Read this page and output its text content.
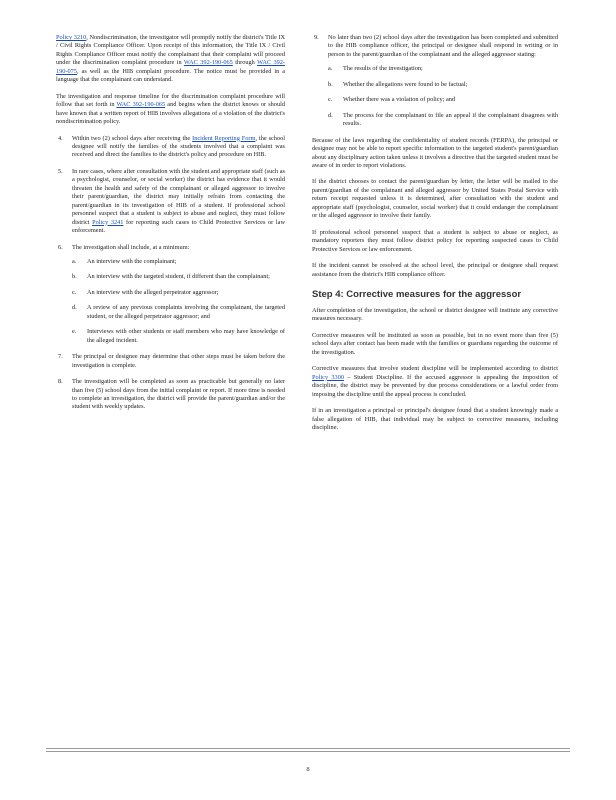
Policy 3210, Nondiscrimination, the investigator will promptly notify the district's Title IX / Civil Rights Compliance Officer. Upon receipt of this information, the Title IX / Civil Rights Compliance Officer must notify the complainant that their complaint will proceed under the discrimination complaint procedure in WAC 392-190-065 through WAC 392-190-075, as well as the HIB complaint procedure. The notice must be provided in a language that the complainant can understand.

The investigation and response timeline for the discrimination complaint procedure will follow that set forth in WAC 392-190-065 and begins when the district knows or should have known that a written report of HIB involves allegations of a violation of the district's nondiscrimination policy.

4. Within two (2) school days after receiving the Incident Reporting Form, the school designee will notify the families of the students involved that a complaint was received and direct the families to the district's policy and procedure on HIB.
5. In rare cases, where after consultation with the student and appropriate staff (such as a psychologist, counselor, or social worker) the district has evidence that it would threaten the health and safety of the complainant or alleged aggressor to involve their parent/guardian, the district may initially refrain from contacting the parent/guardian in its investigation of HIB of a student. If professional school personnel suspect that a student is subject to abuse and neglect, they must follow district Policy 3241 for reporting such cases to Child Protective Services or law enforcement.
6. The investigation shall include, at a minimum:
a. An interview with the complainant;
b. An interview with the targeted student, if different than the complainant;
c. An interview with the alleged perpetrator aggressor;
d. A review of any previous complaints involving the complainant, the targeted student, or the alleged perpetrator aggressor; and
e. Interviews with other students or staff members who may have knowledge of the alleged incident.
7. The principal or designee may determine that other steps must be taken before the investigation is complete.
8. The investigation will be completed as soon as practicable but generally no later than five (5) school days from the initial complaint or report. If more time is needed to complete an investigation, the district will provide the parent/guardian and/or the student with weekly updates.
9. No later than two (2) school days after the investigation has been completed and submitted to the HIB compliance officer, the principal or designee shall respond in writing or in person to the parent/guardian of the complainant and the alleged aggressor stating:
a. The results of the investigation;
b. Whether the allegations were found to be factual;
c. Whether there was a violation of policy; and
d. The process for the complainant to file an appeal if the complainant disagrees with results.

Because of the laws regarding the confidentiality of student records (FERPA), the principal or designee may not be able to report specific information to the targeted student's parent/guardian about any disciplinary action taken unless it involves a directive that the targeted student must be aware of in order to report violations.

If the district chooses to contact the parent/guardian by letter, the letter will be mailed to the parent/guardian of the complainant and alleged aggressor by United States Postal Service with return receipt requested unless it is determined, after consultation with the student and appropriate staff (psychologist, counselor, social worker) that it could endanger the complainant or the alleged aggressor to involve their family.

If professional school personnel suspect that a student is subject to abuse or neglect, as mandatory reporters they must follow district policy for reporting suspected cases to Child Protective Services or law enforcement.

If the incident cannot be resolved at the school level, the principal or designee shall request assistance from the district's HIB compliance officer.

Step 4: Corrective measures for the aggressor

After completion of the investigation, the school or district designee will institute any corrective measures necessary.

Corrective measures will be instituted as soon as possible, but in no event more than five (5) school days after contact has been made with the families or guardians regarding the outcome of the investigation.

Corrective measures that involve student discipline will be implemented according to district Policy 3300 – Student Discipline. If the accused aggressor is appealing the imposition of discipline, the district may be prevented by due process considerations or a lawful order from imposing the discipline until the appeal process is concluded.

If in an investigation a principal or principal's designee found that a student knowingly made a false allegation of HIB, that individual may be subject to corrective measures, including discipline.

8
